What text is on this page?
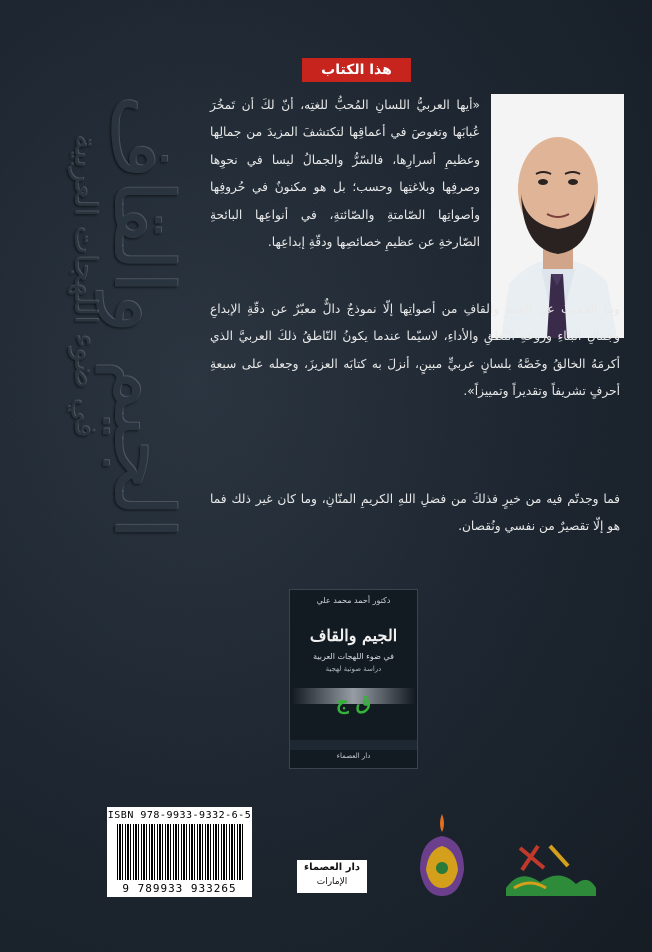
الجيم والقاف
في ضوء اللهجات العربية
هذا الكتاب
«أيها العربيُّ اللسانِ المُحبُّ للغتِه، أنّ لكَ أن تَمخُرَ عُبابَها وتغوصَ في أعماقِها لتكتشفَ المزيدَ من جمالِها وعظيمِ أسرارِها، فالسّرُّ والجمالُ ليسا في نحوِها وصرفِها وبلاغتِها وحسب؛ بل هو مكنونٌ في حُروفِها وأصواتِها الصّامتةِ والصّائتةِ، في أنواعِها البائحةِ الصّارخةِ عن عظيمِ خصائصِها ودقّةِ إبداعِها.
وما الحديثُ عن الجيمِ والقافِ من أصواتِها إلّا نموذجٌ دالٌّ معبّرٌ عن دقّةِ الإبداعِ وجمالِ البناءِ وروعةِ النُّطقِ والأداءِ، لاسيّما عندما يكونُ النّاطقُ ذلكَ العربيَّ الذي أكرمَهُ الخالقُ وخَصَّهُ بلسانٍ عربيٍّ مبينٍ، أنزلَ به كتابَه العزيزَ، وجعله على سبعةِ أحرفٍ تشريفاً وتقديراً وتمييزاً».
فما وجدتّم فيه من خيرٍ فذلكَ من فضلِ اللهِ الكريمِ المنّانِ، وما كان غير ذلك فما هو إلّا تقصيرٌ من نفسي ونُقصان.
دكتور أحمد محمد علي
الجيم والقاف
في ضوء اللهجات العربية
دراسة صوتية لهجية
ق ج
دار العصماء
ISBN 978-9933-9332-6-5
9 789933 933265
دار العصماء
الإمارات
